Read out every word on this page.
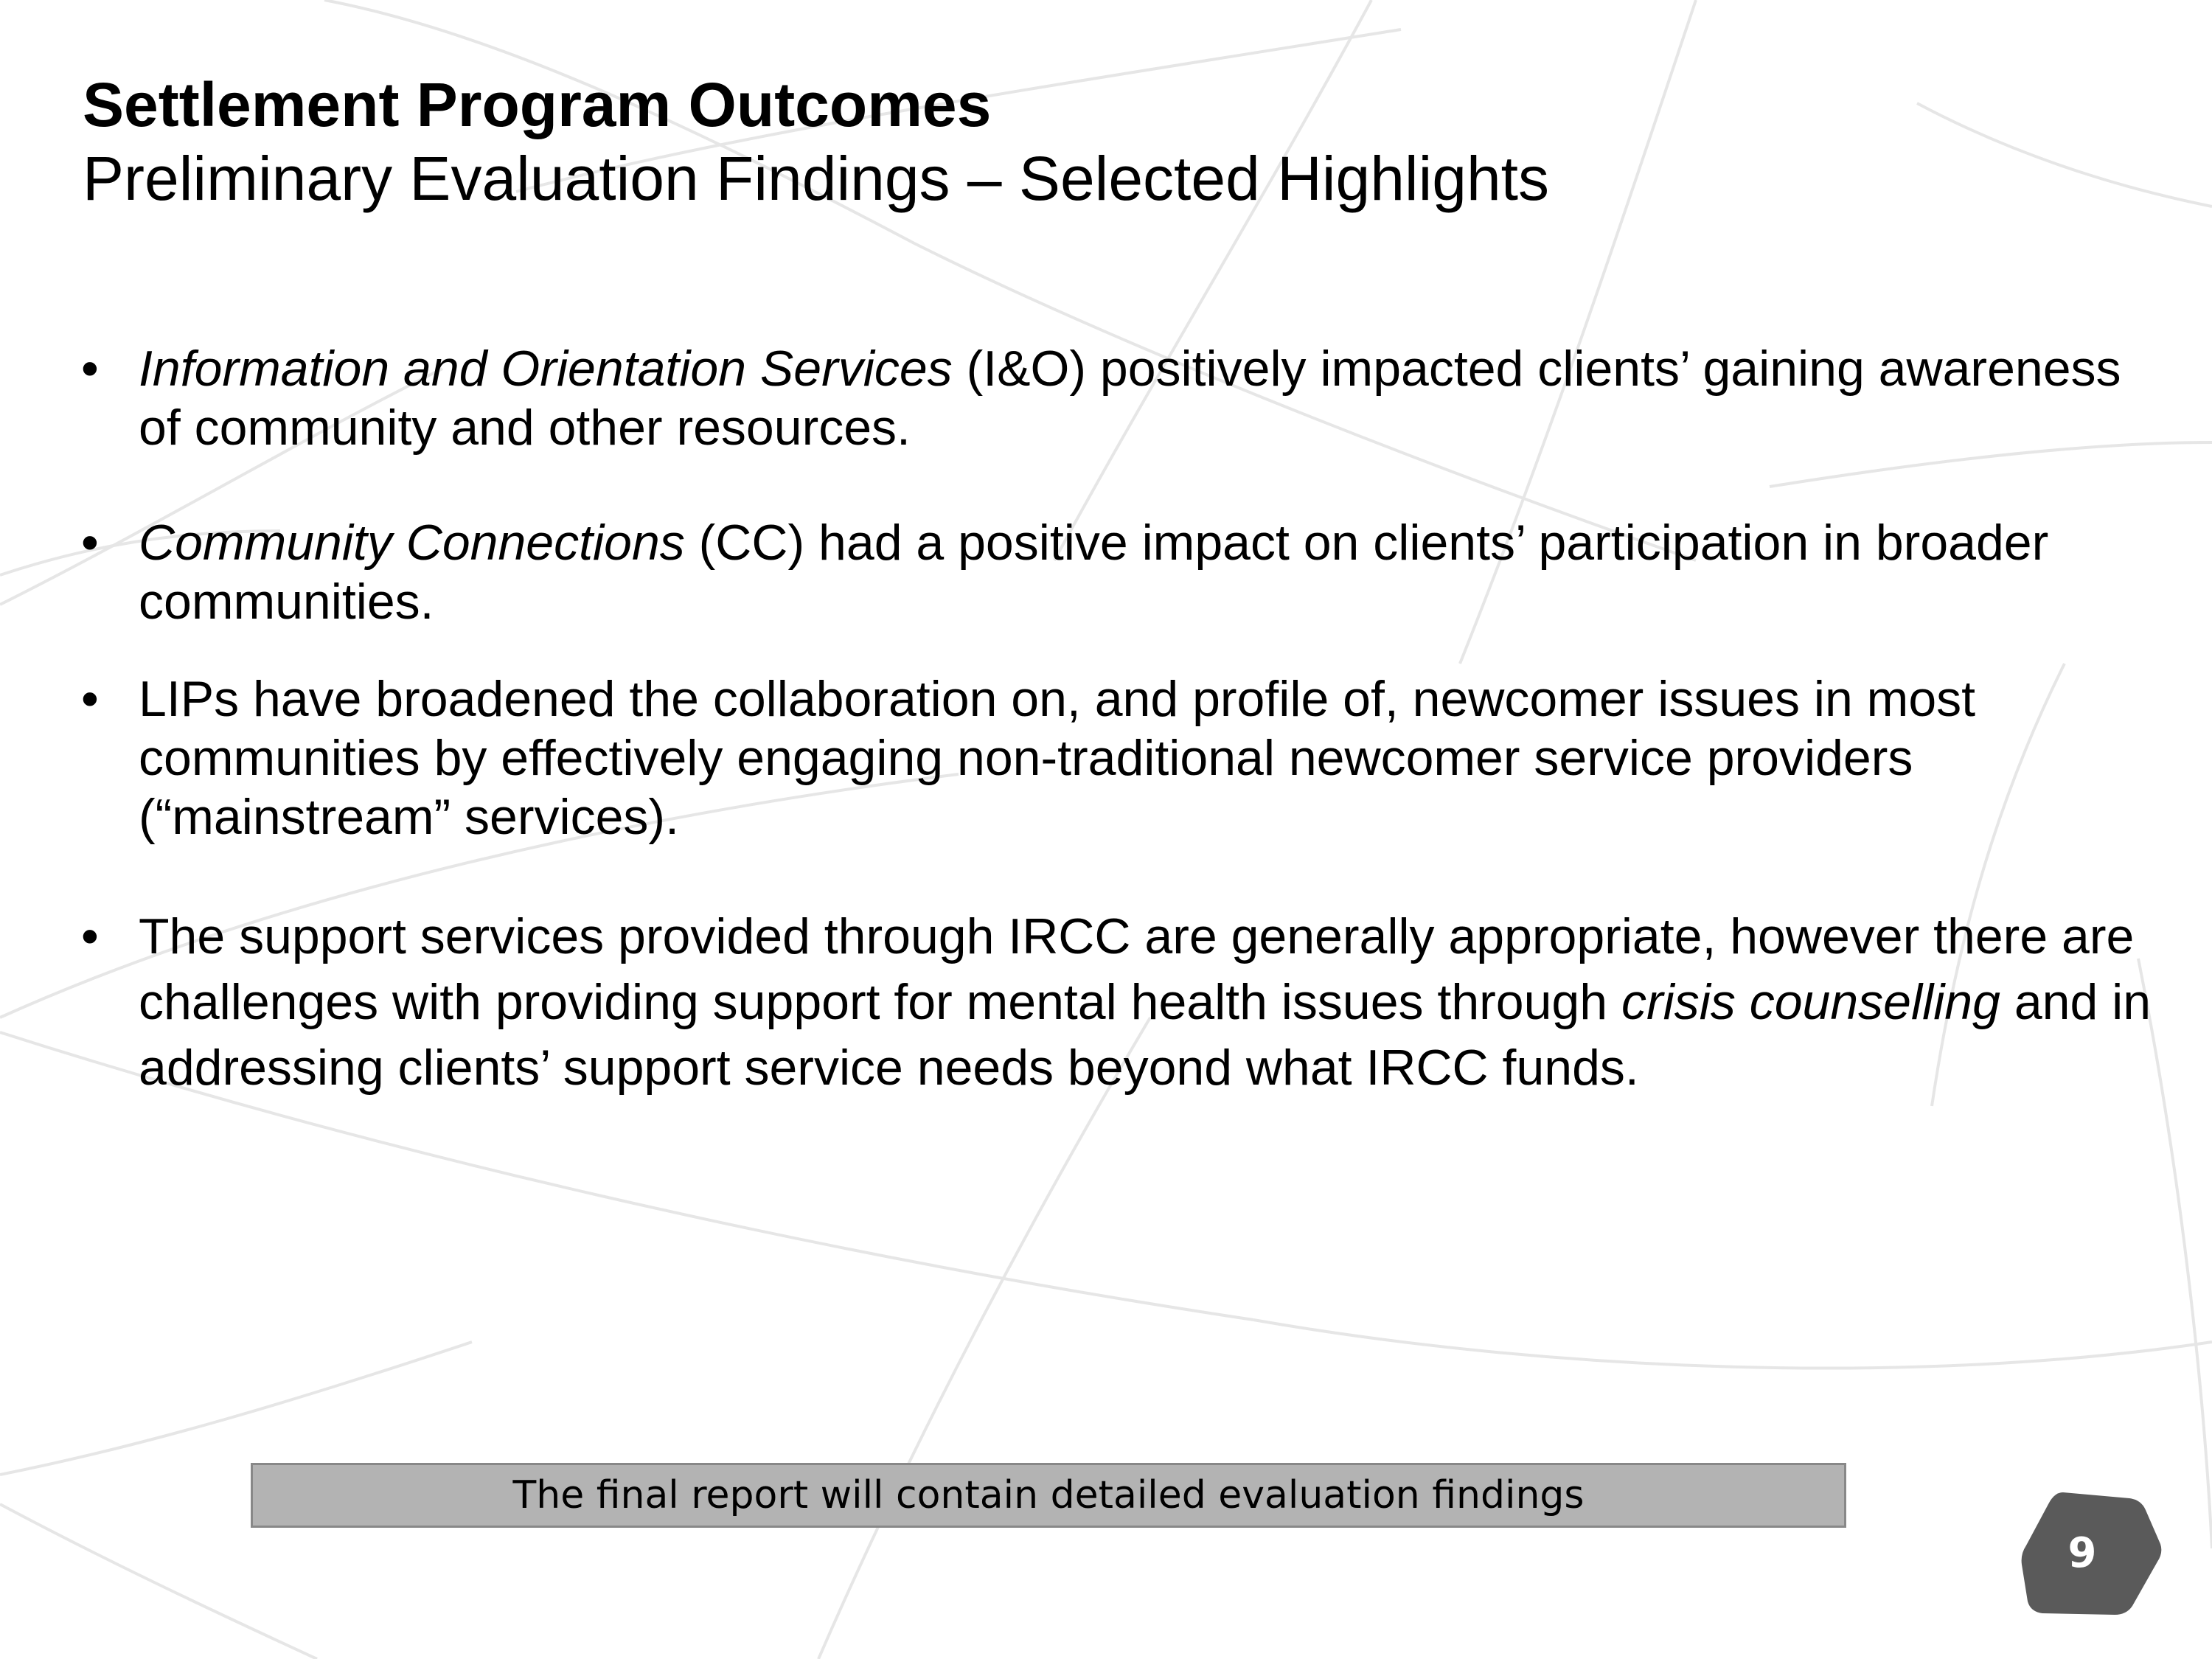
Settlement Program Outcomes
Preliminary Evaluation Findings – Selected Highlights
• Information and Orientation Services (I&O) positively impacted clients’ gaining awareness of community and other resources.
• Community Connections (CC) had a positive impact on clients’ participation in broader communities.
• LIPs have broadened the collaboration on, and profile of, newcomer issues in most communities by effectively engaging non-traditional newcomer service providers (“mainstream” services).
• The support services provided through IRCC are generally appropriate, however there are challenges with providing support for mental health issues through crisis counselling and in addressing clients’ support service needs beyond what IRCC funds.
The final report will contain detailed evaluation findings
9
